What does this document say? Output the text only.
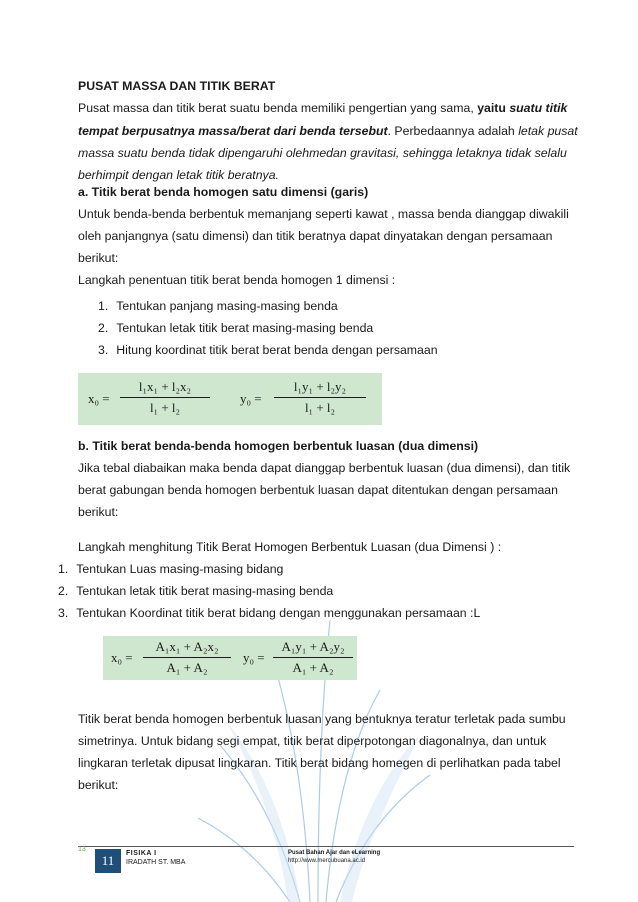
PUSAT MASSA DAN TITIK BERAT
Pusat massa dan titik berat suatu benda memiliki pengertian yang sama, yaitu suatu titik
tempat berpusatnya massa/berat dari benda tersebut. Perbedaannya adalah letak pusat
massa suatu benda tidak dipengaruhi olehmedan gravitasi, sehingga letaknya tidak selalu
berhimpit dengan letak titik beratnya.
a. Titik berat benda homogen satu dimensi (garis)
Untuk benda-benda berbentuk memanjang seperti kawat , massa benda dianggap diwakili
oleh panjangnya (satu dimensi) dan titik beratnya dapat dinyatakan dengan persamaan
berikut:
Langkah penentuan titik berat benda homogen 1 dimensi :
1. Tentukan panjang masing-masing benda
2. Tentukan letak titik berat masing-masing benda
3. Hitung koordinat titik berat berat benda dengan persamaan
x₀ =
l₁x₁ + l₂x₂
l₁ + l₂
y₀ =
l₁y₁ + l₂y₂
l₁ + l₂
b. Titik berat benda-benda homogen berbentuk luasan (dua dimensi)
Jika tebal diabaikan maka benda dapat dianggap berbentuk luasan (dua dimensi), dan titik
berat gabungan benda homogen berbentuk luasan dapat ditentukan dengan persamaan
berikut:
Langkah menghitung Titik Berat Homogen Berbentuk Luasan (dua Dimensi ) :
1. Tentukan Luas masing-masing bidang
2. Tentukan letak titik berat masing-masing benda
3. Tentukan Koordinat titik berat bidang dengan menggunakan persamaan :L
x₀ =
A₁x₁ + A₂x₂
A₁ + A₂
y₀ =
A₁y₁ + A₂y₂
A₁ + A₂
Titik berat benda homogen berbentuk luasan yang bentuknya teratur terletak pada sumbu
simetrinya. Untuk bidang segi empat, titik berat diperpotongan diagonalnya, dan untuk
lingkaran terletak dipusat lingkaran. Titik berat bidang homegen di perlihatkan pada tabel
berikut:
13
11	FISIKA I
IRADATH ST. MBA
Pusat Bahan Ajar dan eLearning
http://www.mercubuana.ac.id
